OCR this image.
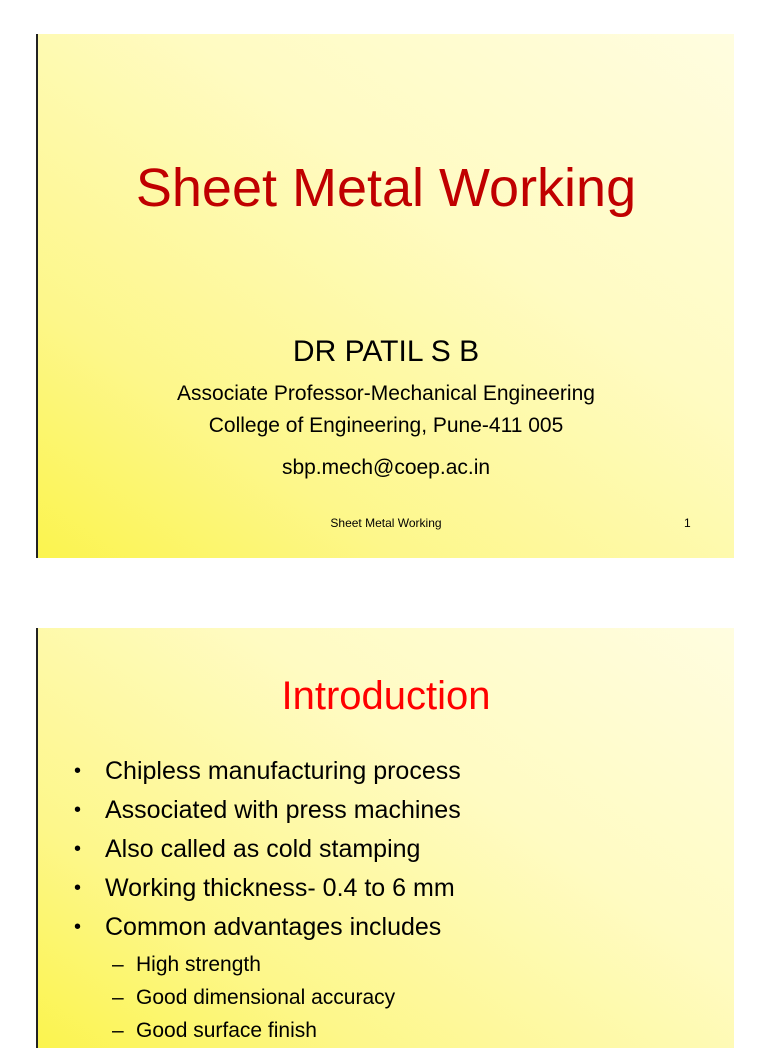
Sheet Metal Working
DR PATIL S B
Associate Professor-Mechanical Engineering
College of Engineering, Pune-411 005
sbp.mech@coep.ac.in
Sheet Metal Working	1
Introduction
• Chipless manufacturing process
• Associated with press machines
• Also called as cold stamping
• Working thickness- 0.4 to 6 mm
• Common advantages includes
– High strength
– Good dimensional accuracy
– Good surface finish
